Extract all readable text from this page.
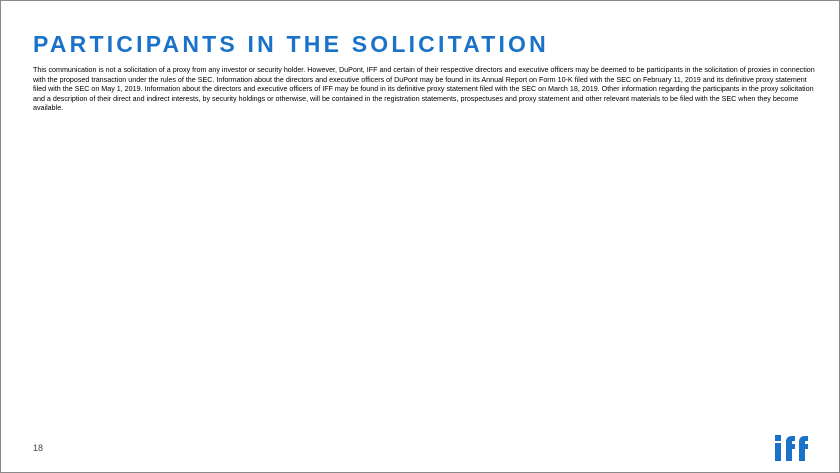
PARTICIPANTS IN THE SOLICITATION

This communication is not a solicitation of a proxy from any investor or security holder. However, DuPont, IFF and certain of their respective directors and executive officers may be deemed to be participants in the solicitation of proxies in connection with the proposed transaction under the rules of the SEC. Information about the directors and executive officers of DuPont may be found in its Annual Report on Form 10-K filed with the SEC on February 11, 2019 and its definitive proxy statement filed with the SEC on May 1, 2019. Information about the directors and executive officers of IFF may be found in its definitive proxy statement filed with the SEC on March 18, 2019. Other information regarding the participants in the proxy solicitation and a description of their direct and indirect interests, by security holdings or otherwise, will be contained in the registration statements, prospectuses and proxy statement and other relevant materials to be filed with the SEC when they become available.

18
